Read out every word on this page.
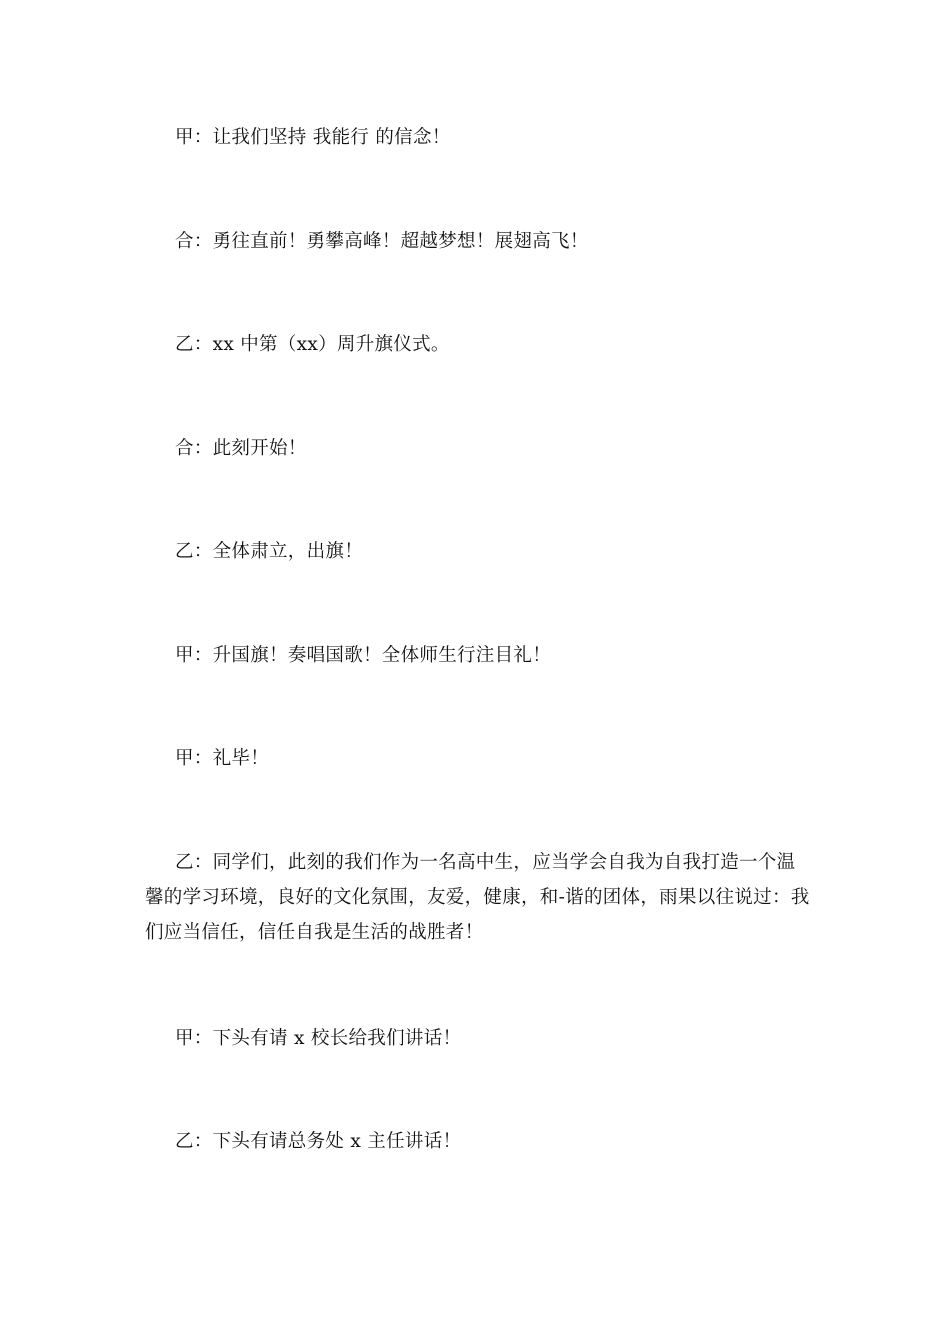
甲：让我们坚持 我能行 的信念！

合：勇往直前！勇攀高峰！超越梦想！展翅高飞！

乙：xx 中第（xx）周升旗仪式。

合：此刻开始！

乙：全体肃立，出旗！

甲：升国旗！奏唱国歌！全体师生行注目礼！

甲：礼毕！

乙：同学们，此刻的我们作为一名高中生，应当学会自我为自我打造一个温馨的学习环境，良好的文化氛围，友爱，健康，和-谐的团体，雨果以往说过：我们应当信任，信任自我是生活的战胜者！

甲：下头有请 x 校长给我们讲话！

乙：下头有请总务处 x 主任讲话！
